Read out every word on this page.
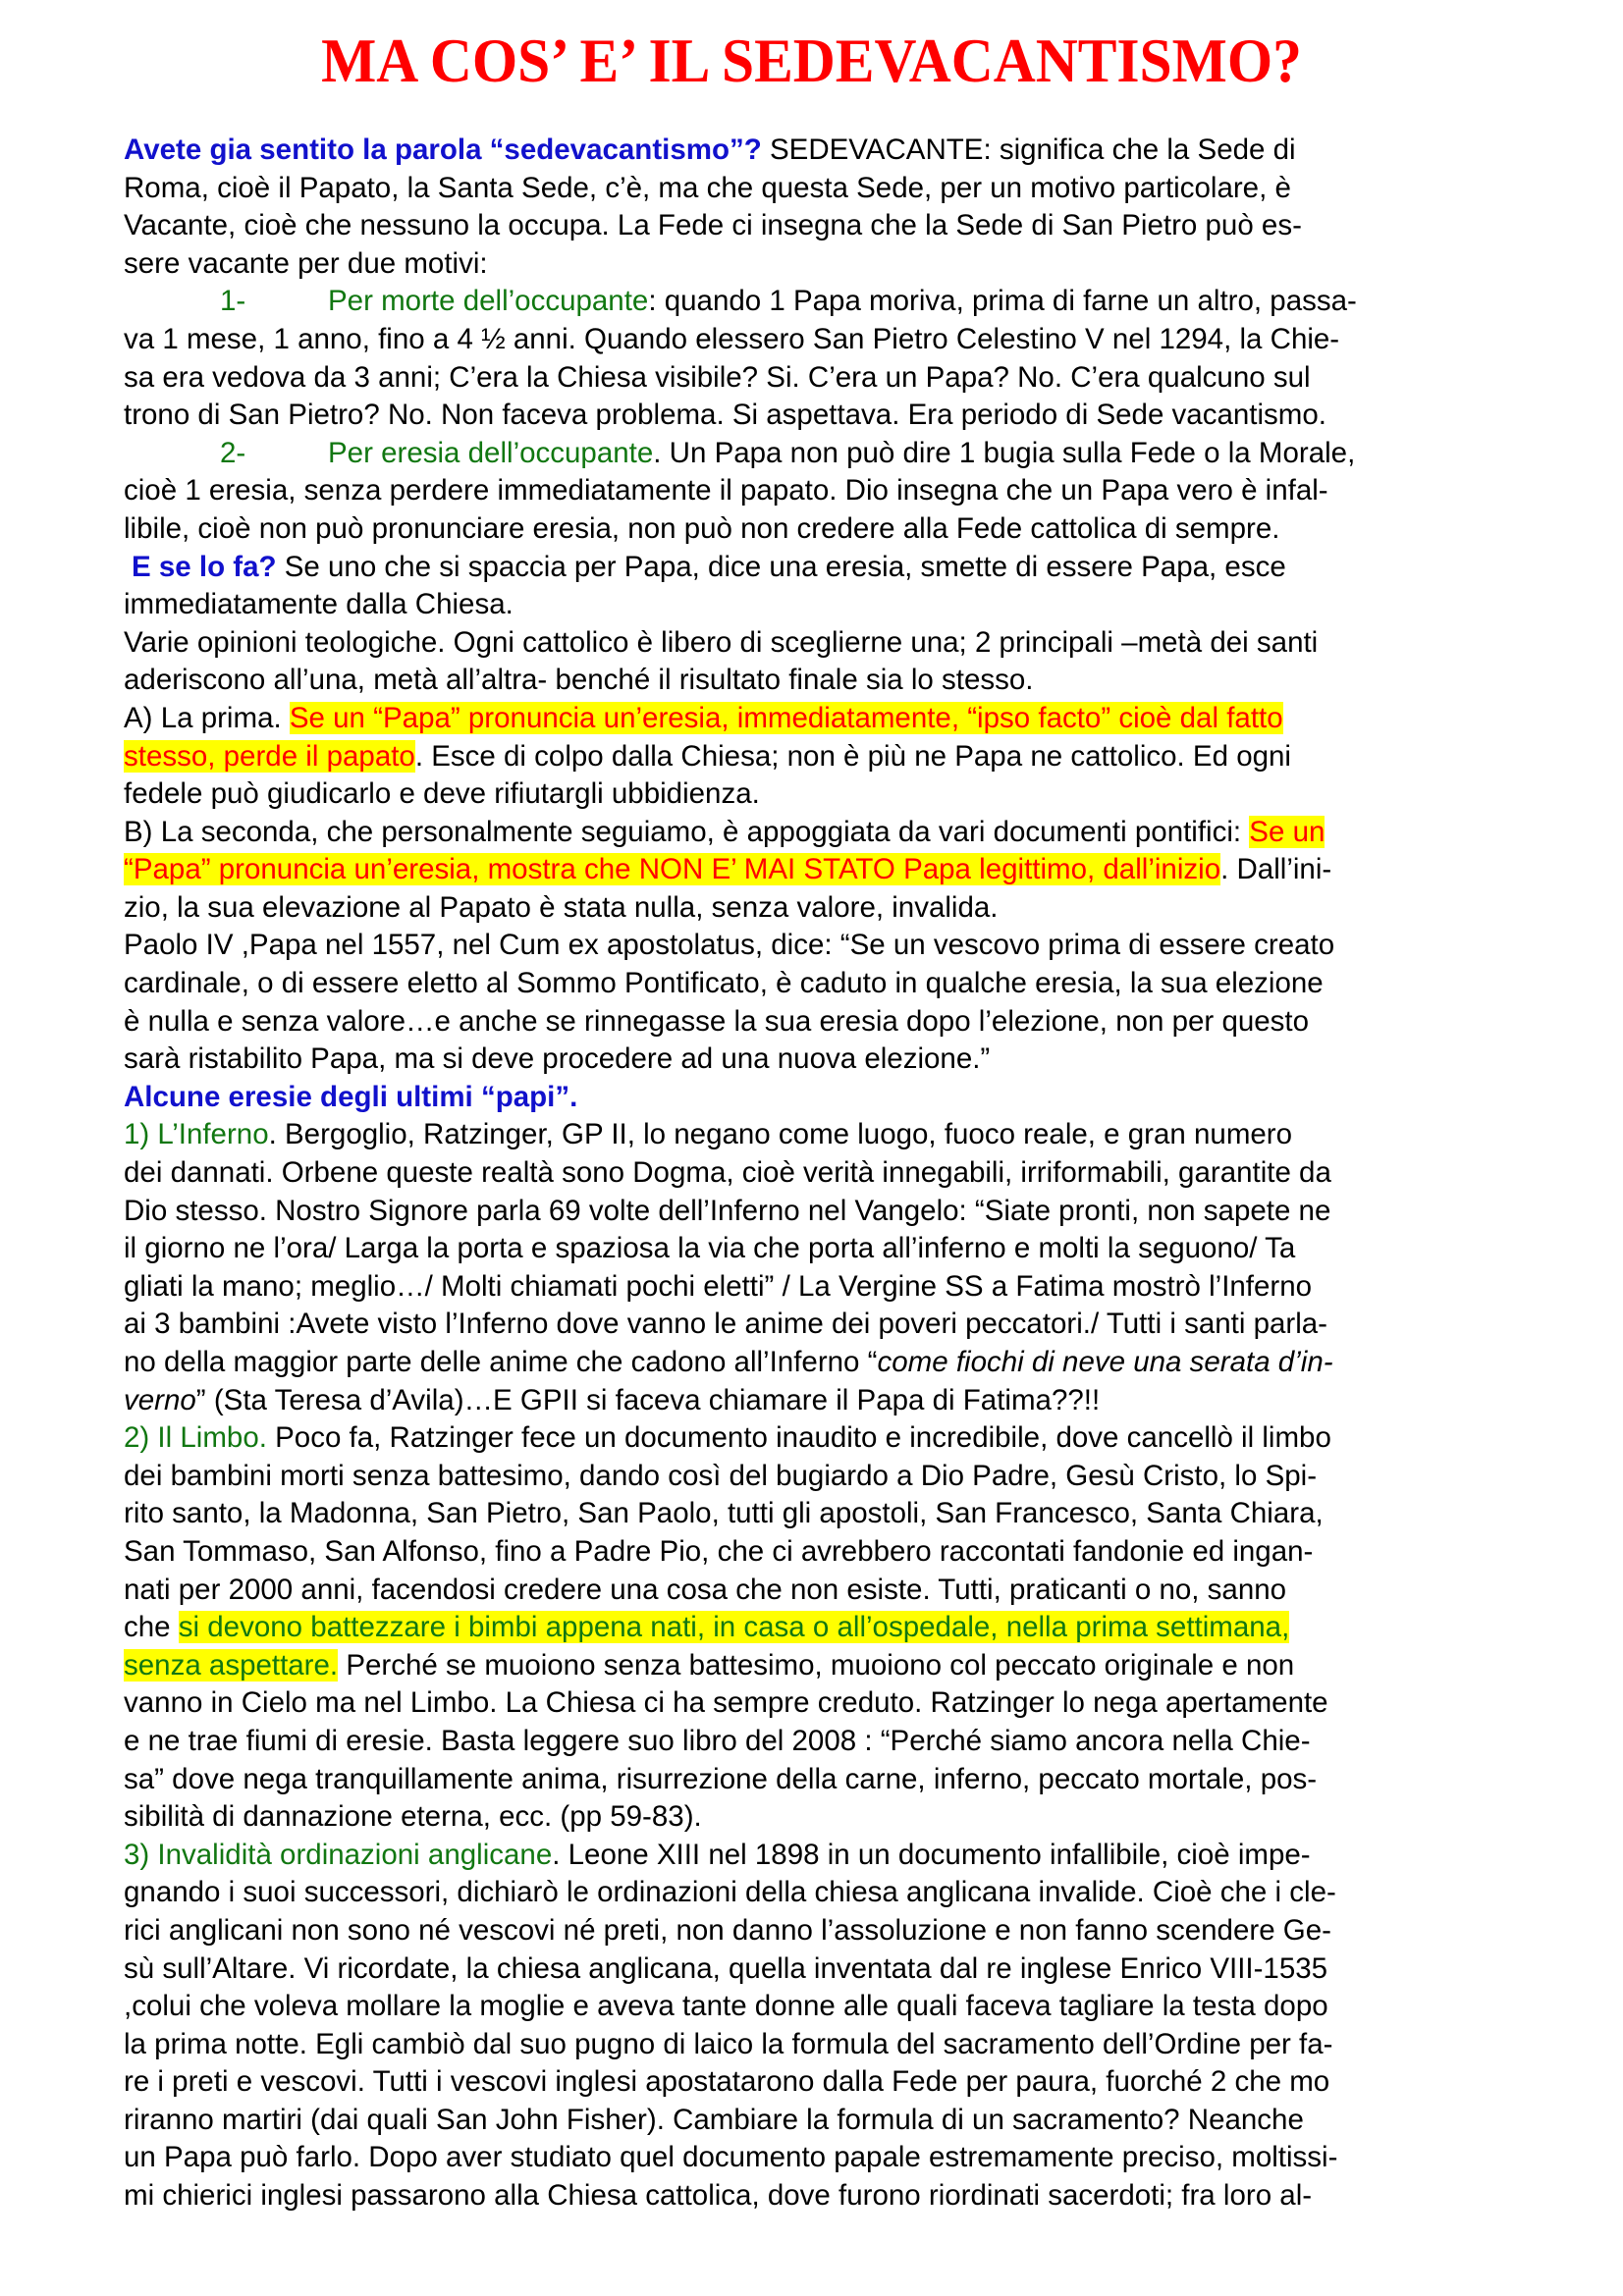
MA COS’ E’ IL SEDEVACANTISMO?
Avete gia sentito la parola “sedevacantismo”? SEDEVACANTE: significa che la Sede di
Roma, cioè il Papato, la Santa Sede, c’è, ma che questa Sede, per un motivo particolare, è
Vacante, cioè che nessuno la occupa. La Fede ci insegna che la Sede di San Pietro può es-
sere vacante per due motivi:
1-	Per morte dell’occupante: quando 1 Papa moriva, prima di farne un altro, passa-
va 1 mese, 1 anno, fino a 4 ½ anni. Quando elessero San Pietro Celestino V nel 1294, la Chie-
sa era vedova da 3 anni; C’era la Chiesa visibile? Si. C’era un Papa? No. C’era qualcuno sul
trono di San Pietro? No. Non faceva problema. Si aspettava. Era periodo di Sede vacantismo.
2-	Per eresia dell’occupante. Un Papa non può dire 1 bugia sulla Fede o la Morale,
cioè 1 eresia, senza perdere immediatamente il papato. Dio insegna che un Papa vero è infal-
libile, cioè non può pronunciare eresia, non può non credere alla Fede cattolica di sempre.
E se lo fa? Se uno che si spaccia per Papa, dice una eresia, smette di essere Papa, esce
immediatamente dalla Chiesa.
Varie opinioni teologiche. Ogni cattolico è libero di sceglierne una; 2 principali –metà dei santi
aderiscono all’una, metà all’altra- benché il risultato finale sia lo stesso.
A) La prima. Se un “Papa” pronuncia un’eresia, immediatamente, “ipso facto” cioè dal fatto
stesso, perde il papato. Esce di colpo dalla Chiesa; non è più ne Papa ne cattolico. Ed ogni
fedele può giudicarlo e deve rifiutargli ubbidienza.
B) La seconda, che personalmente seguiamo, è appoggiata da vari documenti pontifici: Se un
“Papa” pronuncia un’eresia, mostra che NON E’ MAI STATO Papa legittimo, dall’inizio. Dall’ini-
zio, la sua elevazione al Papato è stata nulla, senza valore, invalida.
Paolo IV ,Papa nel 1557, nel Cum ex apostolatus, dice: “Se un vescovo prima di essere creato
cardinale, o di essere eletto al Sommo Pontificato, è caduto in qualche eresia, la sua elezione
è nulla e senza valore…e anche se rinnegasse la sua eresia dopo l’elezione, non per questo
sarà ristabilito Papa, ma si deve procedere ad una nuova elezione.”
Alcune eresie degli ultimi “papi”.
1) L’Inferno. Bergoglio, Ratzinger, GP II, lo negano come luogo, fuoco reale, e gran numero
dei dannati. Orbene queste realtà sono Dogma, cioè verità innegabili, irriformabili, garantite da
Dio stesso. Nostro Signore parla 69 volte dell’Inferno nel Vangelo: “Siate pronti, non sapete ne
il giorno ne l’ora/ Larga la porta e spaziosa la via che porta all’inferno e molti la seguono/ Ta
gliati la mano; meglio…/ Molti chiamati pochi eletti” / La Vergine SS a Fatima mostrò l’Inferno
ai 3 bambini :Avete visto l’Inferno dove vanno le anime dei poveri peccatori./ Tutti i santi parla-
no della maggior parte delle anime che cadono all’Inferno “come fiochi di neve una serata d’in-
verno” (Sta Teresa d’Avila)…E GPII si faceva chiamare il Papa di Fatima??!!
2) Il Limbo. Poco fa, Ratzinger fece un documento inaudito e incredibile, dove cancellò il limbo
dei bambini morti senza battesimo, dando così del bugiardo a Dio Padre, Gesù Cristo, lo Spi-
rito santo, la Madonna, San Pietro, San Paolo, tutti gli apostoli, San Francesco, Santa Chiara,
San Tommaso, San Alfonso, fino a Padre Pio, che ci avrebbero raccontati fandonie ed ingan-
nati per 2000 anni, facendosi credere una cosa che non esiste. Tutti, praticanti o no, sanno
che si devono battezzare i bimbi appena nati, in casa o all’ospedale, nella prima settimana,
senza aspettare. Perché se muoiono senza battesimo, muoiono col peccato originale e non
vanno in Cielo ma nel Limbo. La Chiesa ci ha sempre creduto. Ratzinger lo nega apertamente
e ne trae fiumi di eresie. Basta leggere suo libro del 2008 : “Perché siamo ancora nella Chie-
sa” dove nega tranquillamente anima, risurrezione della carne, inferno, peccato mortale, pos-
sibilità di dannazione eterna, ecc. (pp 59-83).
3) Invalidità ordinazioni anglicane. Leone XIII nel 1898 in un documento infallibile, cioè impe-
gnando i suoi successori, dichiarò le ordinazioni della chiesa anglicana invalide. Cioè che i cle-
rici anglicani non sono né vescovi né preti, non danno l’assoluzione e non fanno scendere Ge-
sù sull’Altare. Vi ricordate, la chiesa anglicana, quella inventata dal re inglese Enrico VIII-1535
,colui che voleva mollare la moglie e aveva tante donne alle quali faceva tagliare la testa dopo
la prima notte. Egli cambiò dal suo pugno di laico la formula del sacramento dell’Ordine per fa-
re i preti e vescovi. Tutti i vescovi inglesi apostatarono dalla Fede per paura, fuorché 2 che mo
riranno martiri (dai quali San John Fisher). Cambiare la formula di un sacramento? Neanche
un Papa può farlo. Dopo aver studiato quel documento papale estremamente preciso, moltissi-
mi chierici inglesi passarono alla Chiesa cattolica, dove furono riordinati sacerdoti; fra loro al-
